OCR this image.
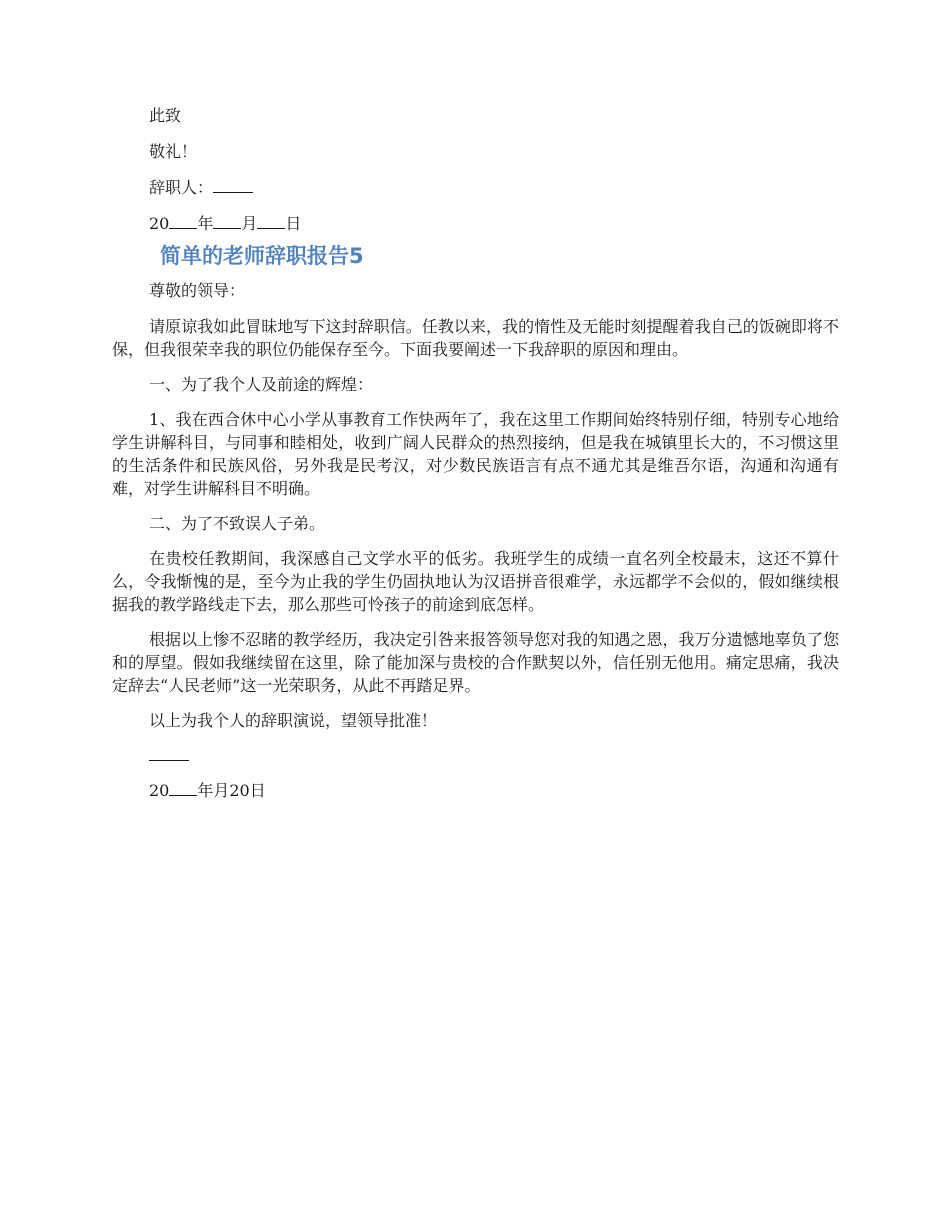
此致

敬礼！

辞职人：

20 年 月 日

简单的老师辞职报告5

尊敬的领导：

请原谅我如此冒昧地写下这封辞职信。任教以来，我的惰性及无能时刻提醒着我自己的饭碗即将不保，但我很荣幸我的职位仍能保存至今。下面我要阐述一下我辞职的原因和理由。

一、为了我个人及前途的辉煌：

1、我在西合休中心小学从事教育工作快两年了，我在这里工作期间始终特别仔细，特别专心地给学生讲解科目，与同事和睦相处，收到广阔人民群众的热烈接纳，但是我在城镇里长大的，不习惯这里的生活条件和民族风俗，另外我是民考汉，对少数民族语言有点不通尤其是维吾尔语，沟通和沟通有难，对学生讲解科目不明确。

二、为了不致误人子弟。

在贵校任教期间，我深感自己文学水平的低劣。我班学生的成绩一直名列全校最末，这还不算什么，令我惭愧的是，至今为止我的学生仍固执地认为汉语拼音很难学，永远都学不会似的，假如继续根据我的教学路线走下去，那么那些可怜孩子的前途到底怎样。

根据以上惨不忍睹的教学经历，我决定引咎来报答领导您对我的知遇之恩，我万分遗憾地辜负了您和的厚望。假如我继续留在这里，除了能加深与贵校的合作默契以外，信任别无他用。痛定思痛，我决定辞去“人民老师”这一光荣职务，从此不再踏足界。

以上为我个人的辞职演说，望领导批准！

20 年月20日
